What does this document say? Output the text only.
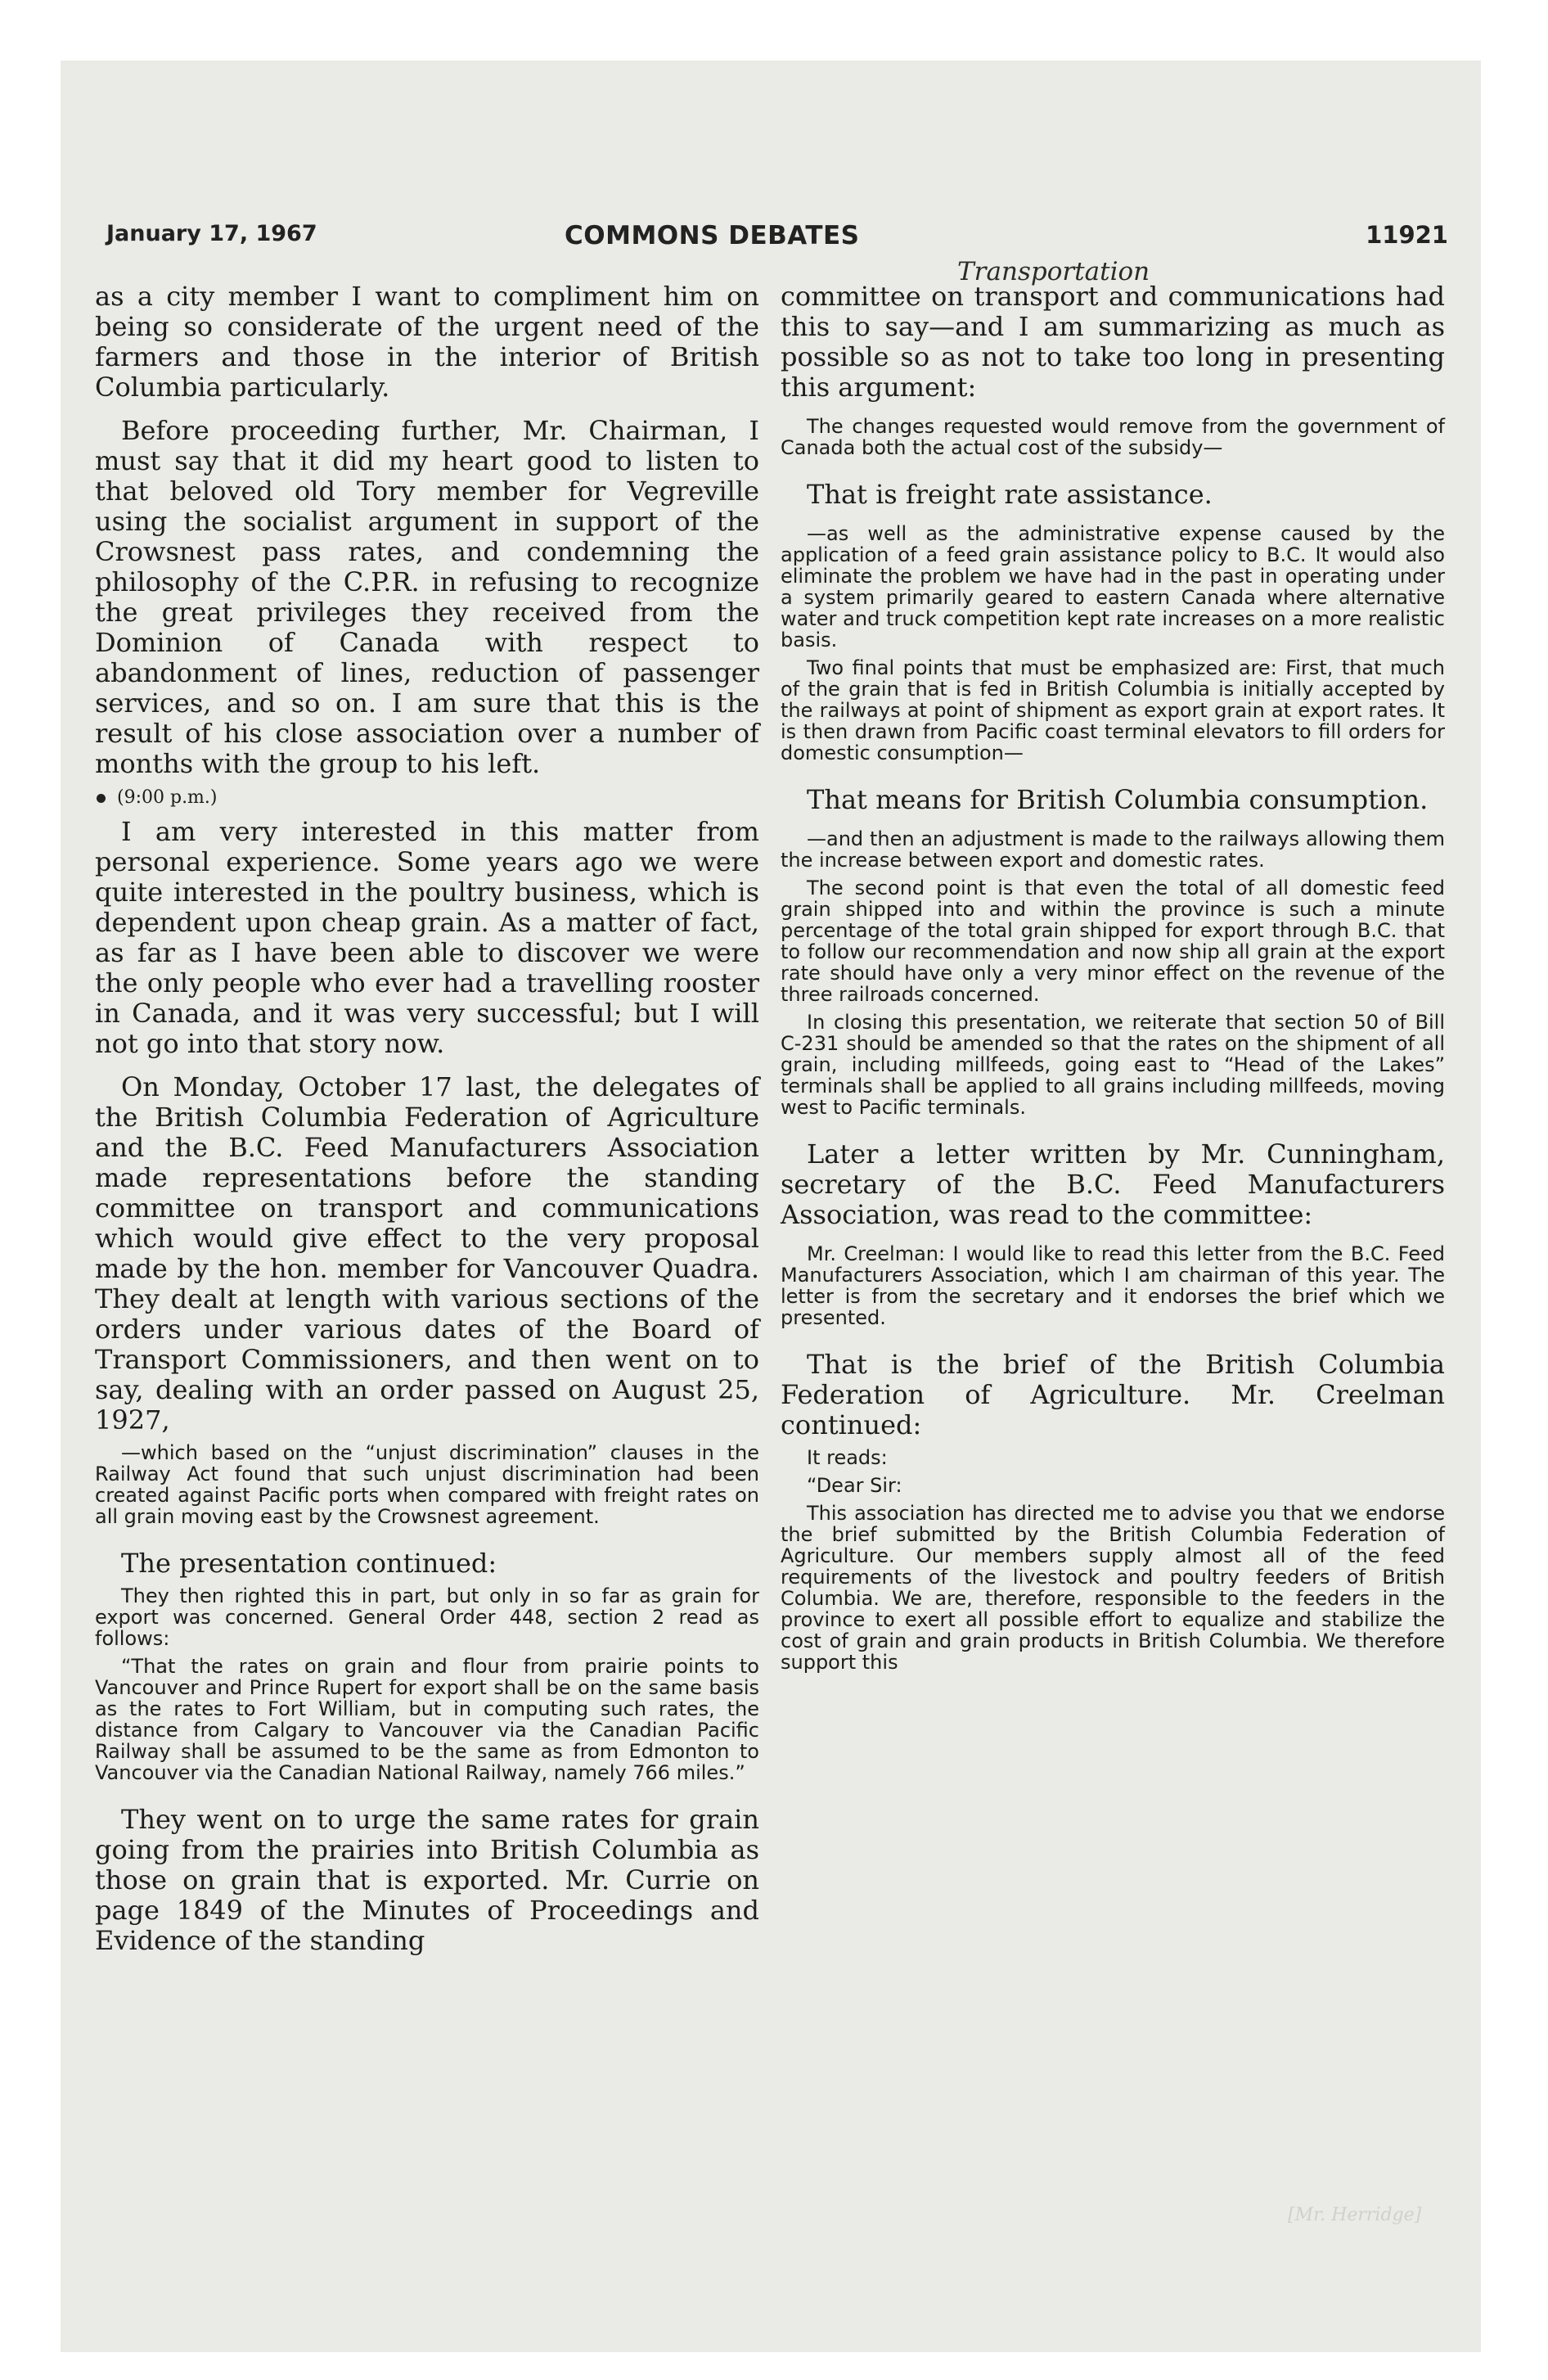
January 17, 1967	COMMONS DEBATES	11921
Transportation

as a city member I want to compliment him on being so considerate of the urgent need of the farmers and those in the interior of British Columbia particularly.

Before proceeding further, Mr. Chairman, I must say that it did my heart good to listen to that beloved old Tory member for Vegreville using the socialist argument in support of the Crowsnest pass rates, and condemning the philosophy of the C.P.R. in refusing to recognize the great privileges they received from the Dominion of Canada with respect to abandonment of lines, reduction of passenger services, and so on. I am sure that this is the result of his close association over a number of months with the group to his left.

(9:00 p.m.)

I am very interested in this matter from personal experience. Some years ago we were quite interested in the poultry business, which is dependent upon cheap grain. As a matter of fact, as far as I have been able to discover we were the only people who ever had a travelling rooster in Canada, and it was very successful; but I will not go into that story now.

On Monday, October 17 last, the delegates of the British Columbia Federation of Agriculture and the B.C. Feed Manufacturers Association made representations before the standing committee on transport and communications which would give effect to the very proposal made by the hon. member for Vancouver Quadra. They dealt at length with various sections of the orders under various dates of the Board of Transport Commissioners, and then went on to say, dealing with an order passed on August 25, 1927,

—which based on the “unjust discrimination” clauses in the Railway Act found that such unjust discrimination had been created against Pacific ports when compared with freight rates on all grain moving east by the Crowsnest agreement.

The presentation continued:

They then righted this in part, but only in so far as grain for export was concerned. General Order 448, section 2 read as follows:

“That the rates on grain and flour from prairie points to Vancouver and Prince Rupert for export shall be on the same basis as the rates to Fort William, but in computing such rates, the distance from Calgary to Vancouver via the Canadian Pacific Railway shall be assumed to be the same as from Edmonton to Vancouver via the Canadian National Railway, namely 766 miles.”

They went on to urge the same rates for grain going from the prairies into British Columbia as those on grain that is exported. Mr. Currie on page 1849 of the Minutes of Proceedings and Evidence of the standing

committee on transport and communications had this to say—and I am summarizing as much as possible so as not to take too long in presenting this argument:

The changes requested would remove from the government of Canada both the actual cost of the subsidy—

That is freight rate assistance.

—as well as the administrative expense caused by the application of a feed grain assistance policy to B.C. It would also eliminate the problem we have had in the past in operating under a system primarily geared to eastern Canada where alternative water and truck competition kept rate increases on a more realistic basis.

Two final points that must be emphasized are: First, that much of the grain that is fed in British Columbia is initially accepted by the railways at point of shipment as export grain at export rates. It is then drawn from Pacific coast terminal elevators to fill orders for domestic consumption—

That means for British Columbia consumption.

—and then an adjustment is made to the railways allowing them the increase between export and domestic rates.

The second point is that even the total of all domestic feed grain shipped into and within the province is such a minute percentage of the total grain shipped for export through B.C. that to follow our recommendation and now ship all grain at the export rate should have only a very minor effect on the revenue of the three railroads concerned.

In closing this presentation, we reiterate that section 50 of Bill C-231 should be amended so that the rates on the shipment of all grain, including millfeeds, going east to “Head of the Lakes” terminals shall be applied to all grains including millfeeds, moving west to Pacific terminals.

Later a letter written by Mr. Cunningham, secretary of the B.C. Feed Manufacturers Association, was read to the committee:

Mr. Creelman: I would like to read this letter from the B.C. Feed Manufacturers Association, which I am chairman of this year. The letter is from the secretary and it endorses the brief which we presented.

That is the brief of the British Columbia Federation of Agriculture. Mr. Creelman continued:

It reads:

“Dear Sir:

This association has directed me to advise you that we endorse the brief submitted by the British Columbia Federation of Agriculture. Our members supply almost all of the feed requirements of the livestock and poultry feeders of British Columbia. We are, therefore, responsible to the feeders in the province to exert all possible effort to equalize and stabilize the cost of grain and grain products in British Columbia. We therefore support this

[Mr. Herridge]
